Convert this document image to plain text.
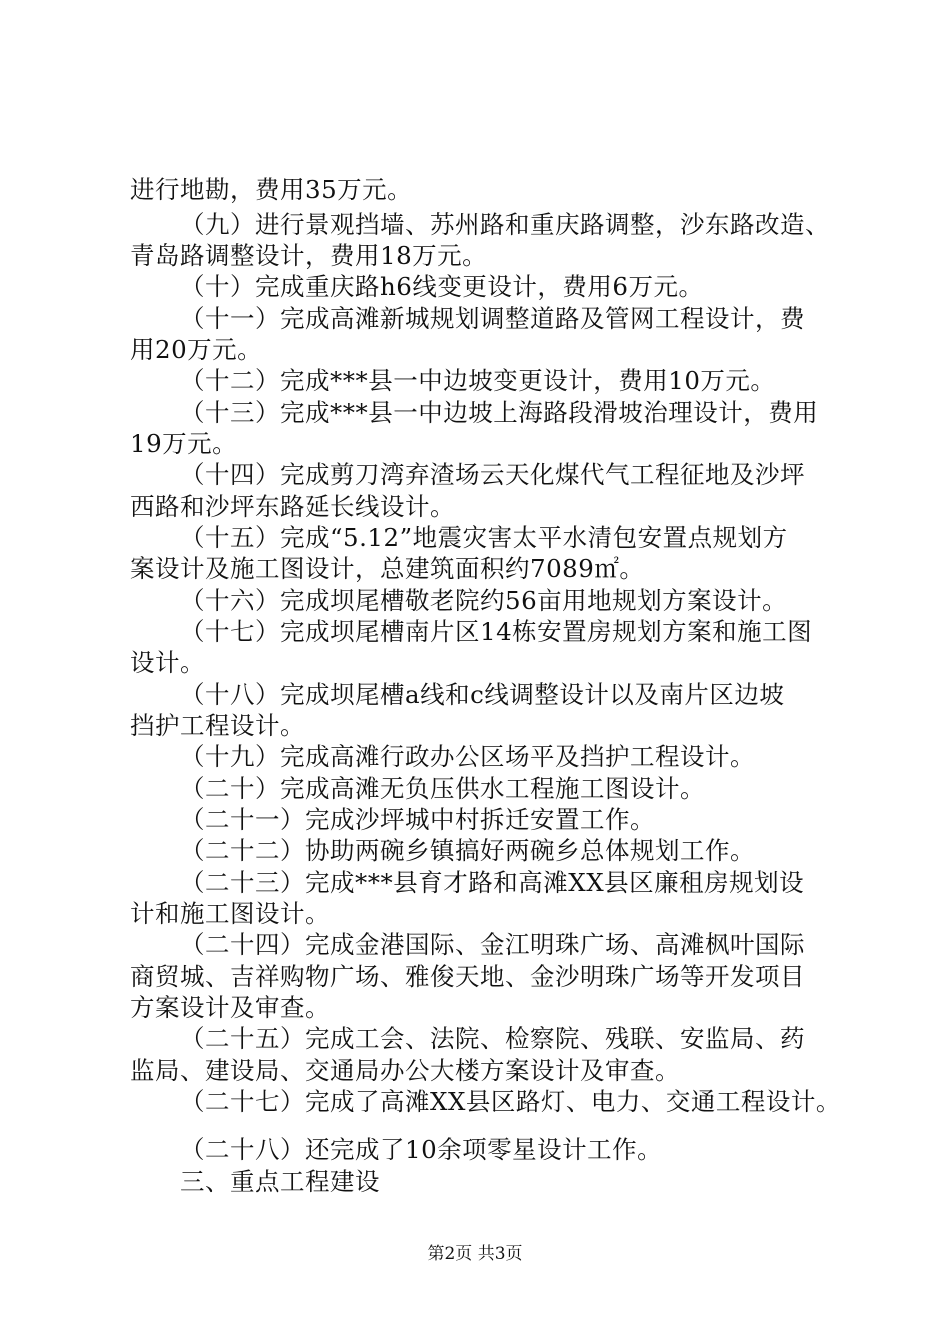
进行地勘，费用35万元。
（九）进行景观挡墙、苏州路和重庆路调整，沙东路改造、
青岛路调整设计，费用18万元。
（十）完成重庆路h6线变更设计，费用6万元。
（十一）完成高滩新城规划调整道路及管网工程设计，费
用20万元。
（十二）完成***县一中边坡变更设计，费用10万元。
（十三）完成***县一中边坡上海路段滑坡治理设计，费用
19万元。
（十四）完成剪刀湾弃渣场云天化煤代气工程征地及沙坪
西路和沙坪东路延长线设计。
（十五）完成“5.12”地震灾害太平水清包安置点规划方
案设计及施工图设计，总建筑面积约7089㎡。
（十六）完成坝尾槽敬老院约56亩用地规划方案设计。
（十七）完成坝尾槽南片区14栋安置房规划方案和施工图
设计。
（十八）完成坝尾槽a线和c线调整设计以及南片区边坡
挡护工程设计。
（十九）完成高滩行政办公区场平及挡护工程设计。
（二十）完成高滩无负压供水工程施工图设计。
（二十一）完成沙坪城中村拆迁安置工作。
（二十二）协助两碗乡镇搞好两碗乡总体规划工作。
（二十三）完成***县育才路和高滩XX县区廉租房规划设
计和施工图设计。
（二十四）完成金港国际、金江明珠广场、高滩枫叶国际
商贸城、吉祥购物广场、雅俊天地、金沙明珠广场等开发项目
方案设计及审查。
（二十五）完成工会、法院、检察院、残联、安监局、药
监局、建设局、交通局办公大楼方案设计及审查。
（二十七）完成了高滩XX县区路灯、电力、交通工程设计。
（二十八）还完成了10余项零星设计工作。
三、重点工程建设
第2页 共3页
